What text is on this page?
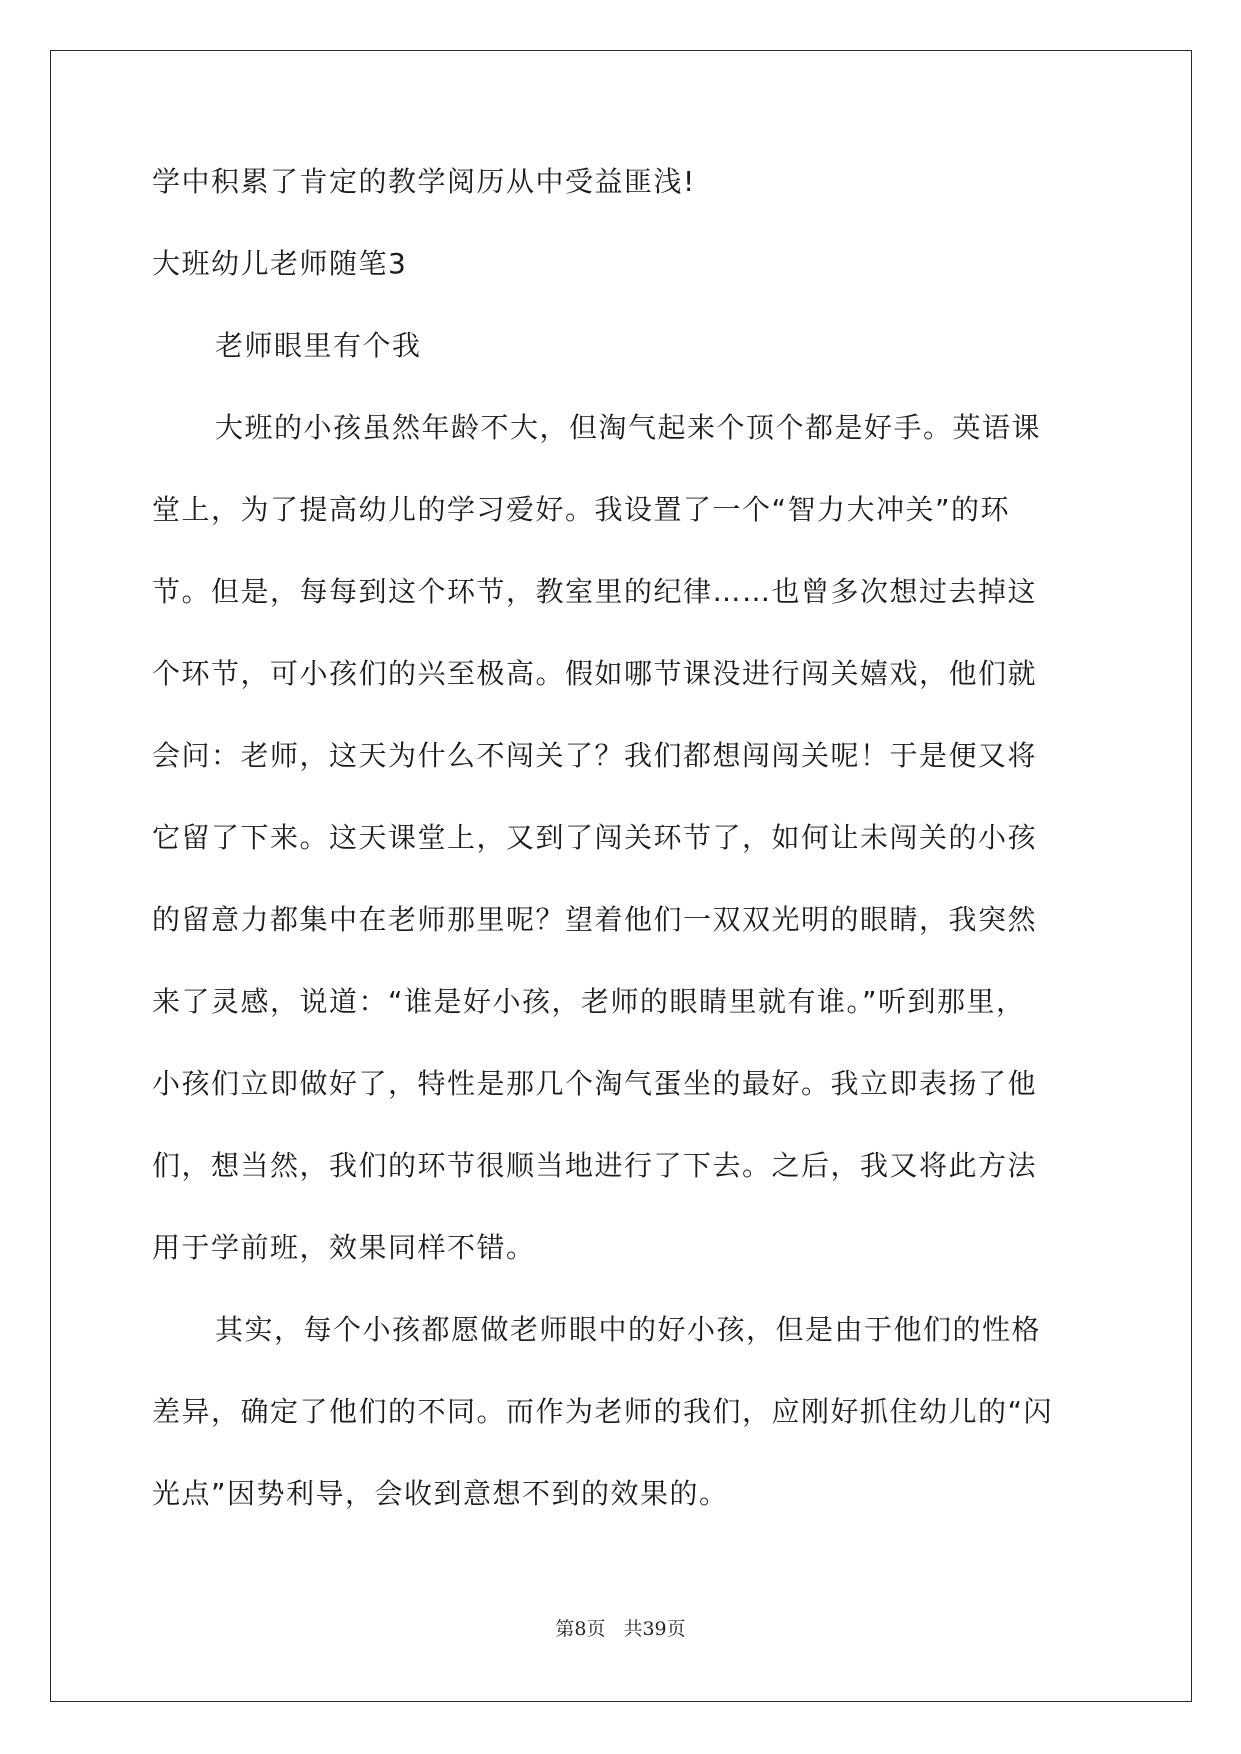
学中积累了肯定的教学阅历从中受益匪浅!
大班幼儿老师随笔3
老师眼里有个我
大班的小孩虽然年龄不大，但淘气起来个顶个都是好手。英语课
堂上，为了提高幼儿的学习爱好。我设置了一个“智力大冲关”的环
节。但是，每每到这个环节，教室里的纪律……也曾多次想过去掉这
个环节，可小孩们的兴至极高。假如哪节课没进行闯关嬉戏，他们就
会问：老师，这天为什么不闯关了？我们都想闯闯关呢！于是便又将
它留了下来。这天课堂上，又到了闯关环节了，如何让未闯关的小孩
的留意力都集中在老师那里呢？望着他们一双双光明的眼睛，我突然
来了灵感，说道：“谁是好小孩，老师的眼睛里就有谁。”听到那里，
小孩们立即做好了，特性是那几个淘气蛋坐的最好。我立即表扬了他
们，想当然，我们的环节很顺当地进行了下去。之后，我又将此方法
用于学前班，效果同样不错。
其实，每个小孩都愿做老师眼中的好小孩，但是由于他们的性格
差异，确定了他们的不同。而作为老师的我们，应刚好抓住幼儿的“闪
光点”因势利导，会收到意想不到的效果的。
第8页 共39页
